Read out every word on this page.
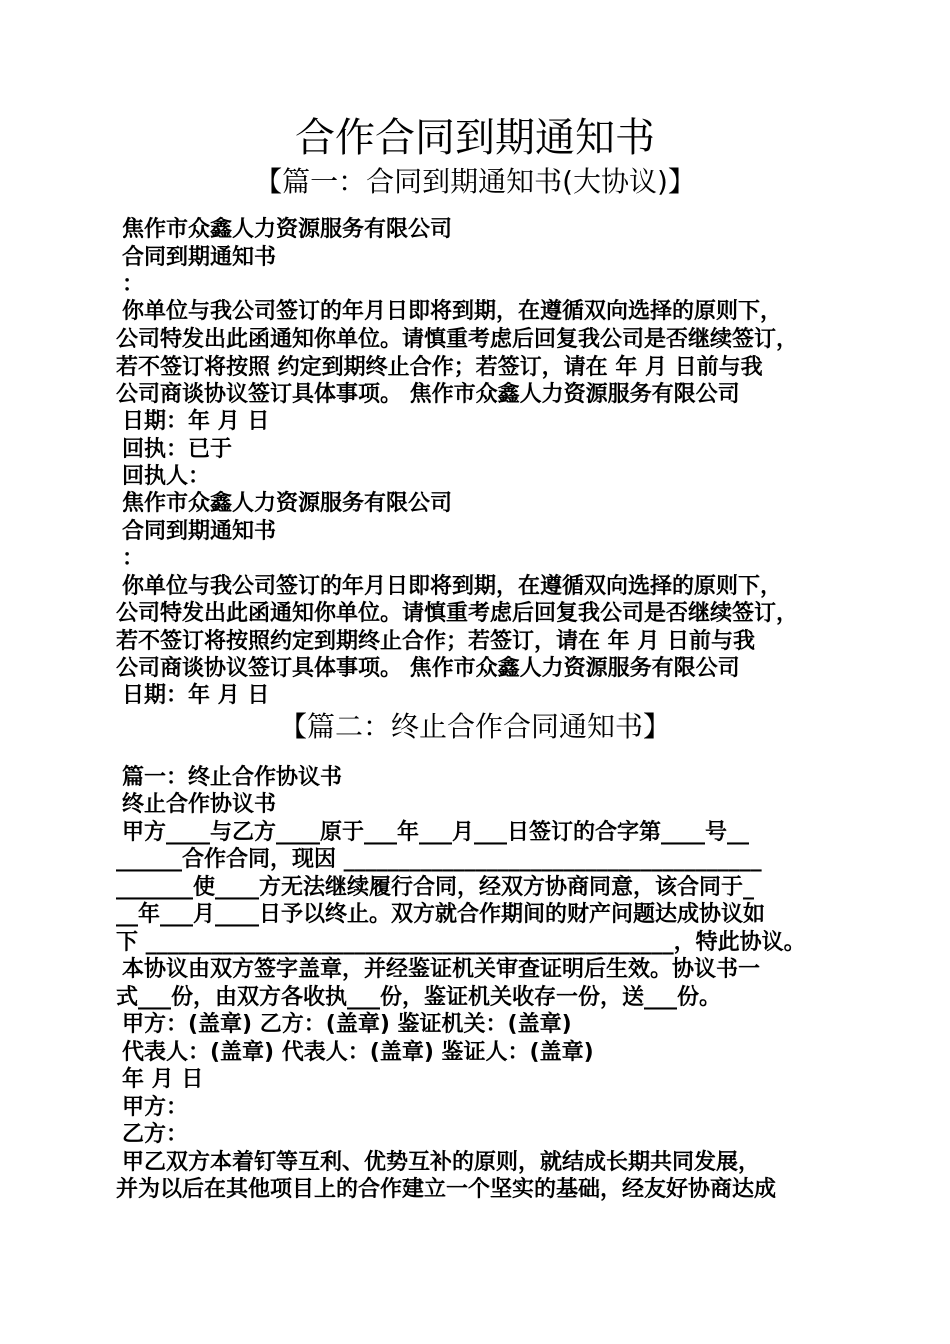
合作合同到期通知书
【篇一：合同到期通知书(大协议)】
焦作市众鑫人力资源服务有限公司
合同到期通知书
：
你单位与我公司签订的年月日即将到期，在遵循双向选择的原则下，
公司特发出此函通知你单位。请慎重考虑后回复我公司是否继续签订，
若不签订将按照 约定到期终止合作；若签订，请在 年 月 日前与我
公司商谈协议签订具体事项。 焦作市众鑫人力资源服务有限公司
日期：年 月 日
回执：已于
回执人：
焦作市众鑫人力资源服务有限公司
合同到期通知书
：
你单位与我公司签订的年月日即将到期，在遵循双向选择的原则下，
公司特发出此函通知你单位。请慎重考虑后回复我公司是否继续签订，
若不签订将按照约定到期终止合作；若签订，请在 年 月 日前与我
公司商谈协议签订具体事项。 焦作市众鑫人力资源服务有限公司
日期：年 月 日
【篇二：终止合作合同通知书】
篇一：终止合作协议书
终止合作协议书
甲方____与乙方____原于___年___月___日签订的合字第____号__
______合作合同，现因 ______________________________________
_______使____方无法继续履行合同，经双方协商同意，该合同于_
__年___月____日予以终止。双方就合作期间的财产问题达成协议如
下 ________________________________________________，特此协议。
本协议由双方签字盖章，并经鉴证机关审查证明后生效。协议书一
式___份，由双方各收执___份，鉴证机关收存一份，送___份。
甲方：(盖章) 乙方：(盖章) 鉴证机关：(盖章)
代表人：(盖章) 代表人：(盖章) 鉴证人：(盖章)
年 月 日
甲方：
乙方：
甲乙双方本着钉等互利、优势互补的原则，就结成长期共同发展，
并为以后在其他项目上的合作建立一个坚实的基础，经友好协商达成
